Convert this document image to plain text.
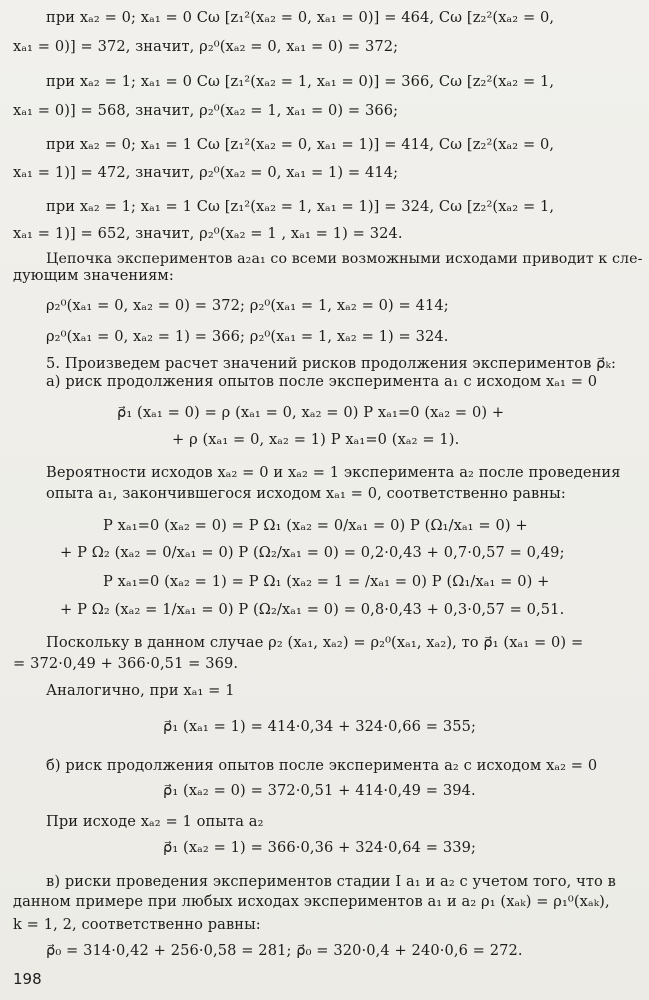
при xₐ₂ = 0; xₐ₁ = 0 Cω [z₁²(xₐ₂ = 0, xₐ₁ = 0)] = 464, Cω [z₂²(xₐ₂ = 0,
xₐ₁ = 0)] = 372, значит, ρ₂⁰(xₐ₂ = 0, xₐ₁ = 0) = 372;
при xₐ₂ = 1; xₐ₁ = 0 Cω [z₁²(xₐ₂ = 1, xₐ₁ = 0)] = 366, Cω [z₂²(xₐ₂ = 1,
xₐ₁ = 0)] = 568, значит, ρ₂⁰(xₐ₂ = 1, xₐ₁ = 0) = 366;
при xₐ₂ = 0; xₐ₁ = 1 Cω [z₁²(xₐ₂ = 0, xₐ₁ = 1)] = 414, Cω [z₂²(xₐ₂ = 0,
xₐ₁ = 1)] = 472, значит, ρ₂⁰(xₐ₂ = 0, xₐ₁ = 1) = 414;
при xₐ₂ = 1; xₐ₁ = 1 Cω [z₁²(xₐ₂ = 1, xₐ₁ = 1)] = 324, Cω [z₂²(xₐ₂ = 1,
xₐ₁ = 1)] = 652, значит, ρ₂⁰(xₐ₂ = 1 , xₐ₁ = 1) = 324.
Цепочка экспериментов a₂a₁ со всеми возможными исходами приводит к сле-
дующим значениям:
ρ₂⁰(xₐ₁ = 0, xₐ₂ = 0) = 372; ρ₂⁰(xₐ₁ = 1, xₐ₂ = 0) = 414;
ρ₂⁰(xₐ₁ = 0, xₐ₂ = 1) = 366; ρ₂⁰(xₐ₁ = 1, xₐ₂ = 1) = 324.
5. Произведем расчет значений рисков продолжения экспериментов ρ⃗ₖ:
а) риск продолжения опытов после эксперимента a₁ с исходом xₐ₁ = 0
ρ⃗₁ (xₐ₁ = 0) = ρ (xₐ₁ = 0, xₐ₂ = 0) P xₐ₁=0 (xₐ₂ = 0) +
+ ρ (xₐ₁ = 0, xₐ₂ = 1) P xₐ₁=0 (xₐ₂ = 1).
Вероятности исходов xₐ₂ = 0 и xₐ₂ = 1 эксперимента a₂ после проведения
опыта a₁, закончившегося исходом xₐ₁ = 0, соответственно равны:
P xₐ₁=0 (xₐ₂ = 0) = P Ω₁ (xₐ₂ = 0/xₐ₁ = 0) P (Ω₁/xₐ₁ = 0) +
+ P Ω₂ (xₐ₂ = 0/xₐ₁ = 0) P (Ω₂/xₐ₁ = 0) = 0,2·0,43 + 0,7·0,57 = 0,49;
P xₐ₁=0 (xₐ₂ = 1) = P Ω₁ (xₐ₂ = 1 = /xₐ₁ = 0) P (Ω₁/xₐ₁ = 0) +
+ P Ω₂ (xₐ₂ = 1/xₐ₁ = 0) P (Ω₂/xₐ₁ = 0) = 0,8·0,43 + 0,3·0,57 = 0,51.
Поскольку в данном случае ρ₂ (xₐ₁, xₐ₂) = ρ₂⁰(xₐ₁, xₐ₂), то ρ⃗₁ (xₐ₁ = 0) =
= 372·0,49 + 366·0,51 = 369.
Аналогично, при xₐ₁ = 1
ρ⃗₁ (xₐ₁ = 1) = 414·0,34 + 324·0,66 = 355;
б) риск продолжения опытов после эксперимента a₂ с исходом xₐ₂ = 0
ρ⃗₁ (xₐ₂ = 0) = 372·0,51 + 414·0,49 = 394.
При исходе xₐ₂ = 1 опыта a₂
ρ⃗₁ (xₐ₂ = 1) = 366·0,36 + 324·0,64 = 339;
в) риски проведения экспериментов стадии I a₁ и a₂ с учетом того, что в
данном примере при любых исходах экспериментов a₁ и a₂ ρ₁ (xₐₖ) = ρ₁⁰(xₐₖ),
k = 1, 2, соответственно равны:
ρ⃗₀ = 314·0,42 + 256·0,58 = 281; ρ⃗₀ = 320·0,4 + 240·0,6 = 272.
198
